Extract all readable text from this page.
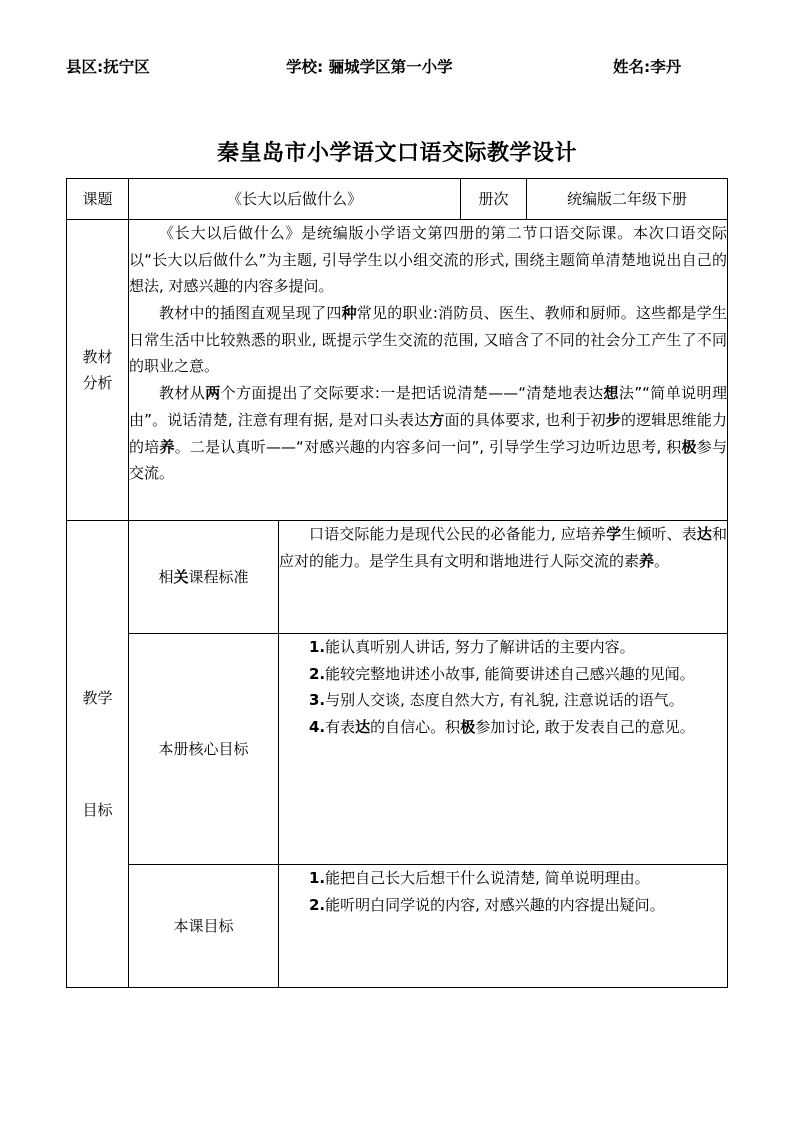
县区:抚宁区	学校: 骊城学区第一小学	姓名:李丹
秦皇岛市小学语文口语交际教学设计
课题	《长大以后做什么》		册次	统编版二年级下册

教材
分析

《长大以后做什么》是统编版小学语文第四册的第二节口语交际课。本次口语交际以“长大以后做什么”为主题, 引导学生以小组交流的形式, 围绕主题简单清楚地说出自己的想法, 对感兴趣的内容多提问。

教材中的插图直观呈现了四种常见的职业:消防员、医生、教师和厨师。这些都是学生日常生活中比较熟悉的职业, 既提示学生交流的范围, 又暗含了不同的社会分工产生了不同的职业之意。

教材从两个方面提出了交际要求:一是把话说清楚——“清楚地表达想法”“简单说明理由”。说话清楚, 注意有理有据, 是对口头表达方面的具体要求, 也利于初步的逻辑思维能力的培养。二是认真听——“对感兴趣的内容多问一问”, 引导学生学习边听边思考, 积极参与交流。

教学
目标	相关课程标准	口语交际能力是现代公民的必备能力, 应培养学生倾听、表达和应对的能力。是学生具有文明和谐地进行人际交流的素养。		

	本册核心目标	1.能认真听别人讲话, 努力了解讲话的主要内容。

2.能较完整地讲述小故事, 能简要讲述自己感兴趣的见闻。

3.与别人交谈, 态度自然大方, 有礼貌, 注意说话的语气。

4.有表达的自信心。积极参加讨论, 敢于发表自己的意见。		

	本课目标	1.能把自己长大后想干什么说清楚, 简单说明理由。

2.能听明白同学说的内容, 对感兴趣的内容提出疑问。		
